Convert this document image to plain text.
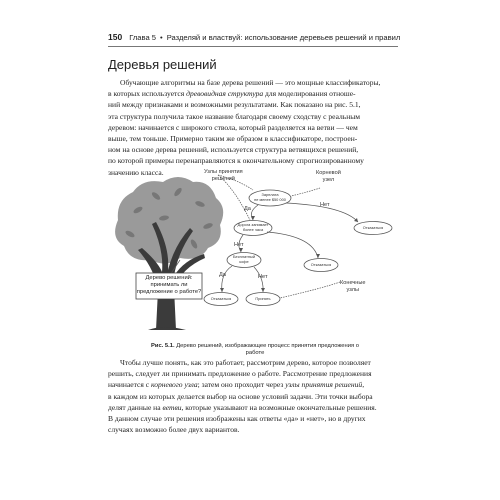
150 Глава 5 • Разделяй и властвуй: использование деревьев решений и правил
Деревья решений
Обучающие алгоритмы на базе дерева решений — это мощные классификаторы,
в которых используется древовидная структура для моделирования отноше-
ний между признаками и возможными результатами. Как показано на рис. 5.1,
эта структура получила такое название благодаря своему сходству с реальным
деревом: начинается с широкого ствола, который разделяется на ветви — чем
выше, тем тоньше. Примерно таким же образом в классификаторе, построен-
ном на основе дерева решений, используется структура ветвящихся решений,
по которой примеры перенаправляются к окончательному спрогнозированному
значению класса.	Узлы принятия
решений
Корневой
узел
Конечные
узлы
Дерево решений:
принимать ли
предложение о работе?
Зарплата
не менее $50 000
Дорога занимает
более часа
Бесплатный
кофе
Отказаться
Отказаться
Отказаться	Принять
Да
Нет
Нет
Да	Нет
Рис. 5.1. Дерево решений, изображающее процесс принятия предложения о работе
Чтобы лучше понять, как это работает, рассмотрим дерево, которое позволяет
решить, следует ли принимать предложение о работе. Рассмотрение предложения
начинается с корневого узла; затем оно проходит через узлы принятия решений,
в каждом из которых делается выбор на основе условий задачи. Эти точки выбора
делят данные на ветви, которые указывают на возможные окончательные решения.
В данном случае эти решения изображены как ответы «да» и «нет», но в других
случаях возможно более двух вариантов.
